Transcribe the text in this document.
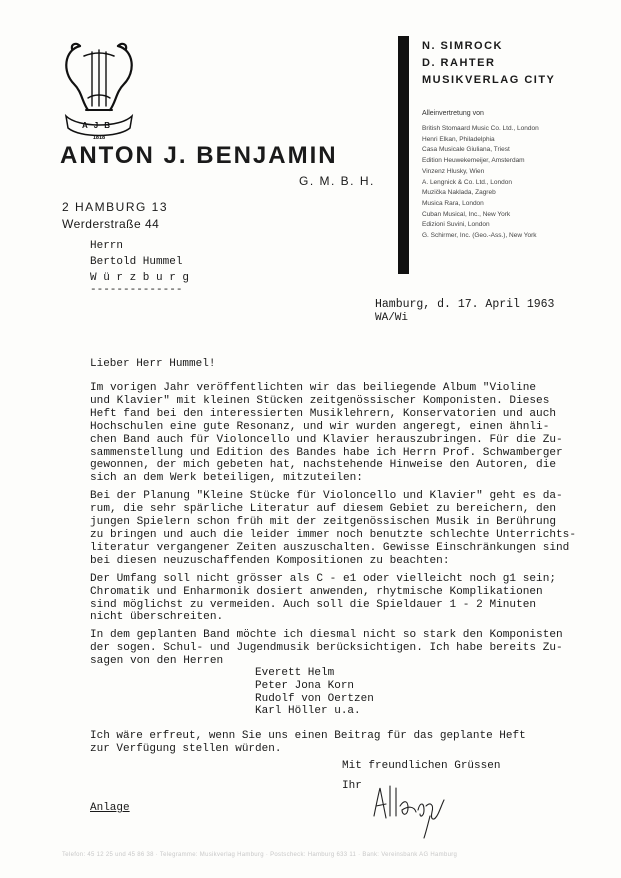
AJB
1818
ANTON J. BENJAMIN
G. M. B. H.
2 HAMBURG 13
Werderstraße 44
N. SIMROCK
D. RAHTER
MUSIKVERLAG CITY
Alleinvertretung von
British Stomaard Music Co. Ltd., London
Henri Elkan, Philadelphia
Casa Musicale Giuliana, Triest
Edition Heuwekemeijer, Amsterdam
Vinzenz Hlusky, Wien
A. Lengnick & Co. Ltd., London
Muzička Naklada, Zagreb
Musica Rara, London
Cuban Musical, Inc., New York
Edizioni Suvini, London
G. Schirmer, Inc. (Geo.-Ass.), New York
Herrn
Bertold Hummel
W ü r z b u r g
--------------
Hamburg, d. 17. April 1963
WA/Wi
Lieber Herr Hummel!
Im vorigen Jahr veröffentlichten wir das beiliegende Album "Violine
und Klavier" mit kleinen Stücken zeitgenössischer Komponisten. Dieses
Heft fand bei den interessierten Musiklehrern, Konservatorien und auch
Hochschulen eine gute Resonanz, und wir wurden angeregt, einen ähnli-
chen Band auch für Violoncello und Klavier herauszubringen. Für die Zu-
sammenstellung und Edition des Bandes habe ich Herrn Prof. Schwamberger
gewonnen, der mich gebeten hat, nachstehende Hinweise den Autoren, die
sich an dem Werk beteiligen, mitzuteilen:
Bei der Planung "Kleine Stücke für Violoncello und Klavier" geht es da-
rum, die sehr spärliche Literatur auf diesem Gebiet zu bereichern, den
jungen Spielern schon früh mit der zeitgenössischen Musik in Berührung
zu bringen und auch die leider immer noch benutzte schlechte Unterrichts-
literatur vergangener Zeiten auszuschalten. Gewisse Einschränkungen sind
bei diesen neuzuschaffenden Kompositionen zu beachten:
Der Umfang soll nicht grösser als C - e1 oder vielleicht noch g1 sein;
Chromatik und Enharmonik dosiert anwenden, rhytmische Komplikationen
sind möglichst zu vermeiden. Auch soll die Spieldauer 1 - 2 Minuten
nicht überschreiten.
In dem geplanten Band möchte ich diesmal nicht so stark den Komponisten
der sogen. Schul- und Jugendmusik berücksichtigen. Ich habe bereits Zu-
sagen von den Herren
Everett Helm
Peter Jona Korn
Rudolf von Oertzen
Karl Höller u.a.
Ich wäre erfreut, wenn Sie uns einen Beitrag für das geplante Heft
zur Verfügung stellen würden.
Mit freundlichen Grüssen
Ihr
Anlage
Telefon: 45 12 25 und 45 86 38 · Telegramme: Musikverlag Hamburg · Postscheck: Hamburg 633 11 · Bank: Vereinsbank AG Hamburg
